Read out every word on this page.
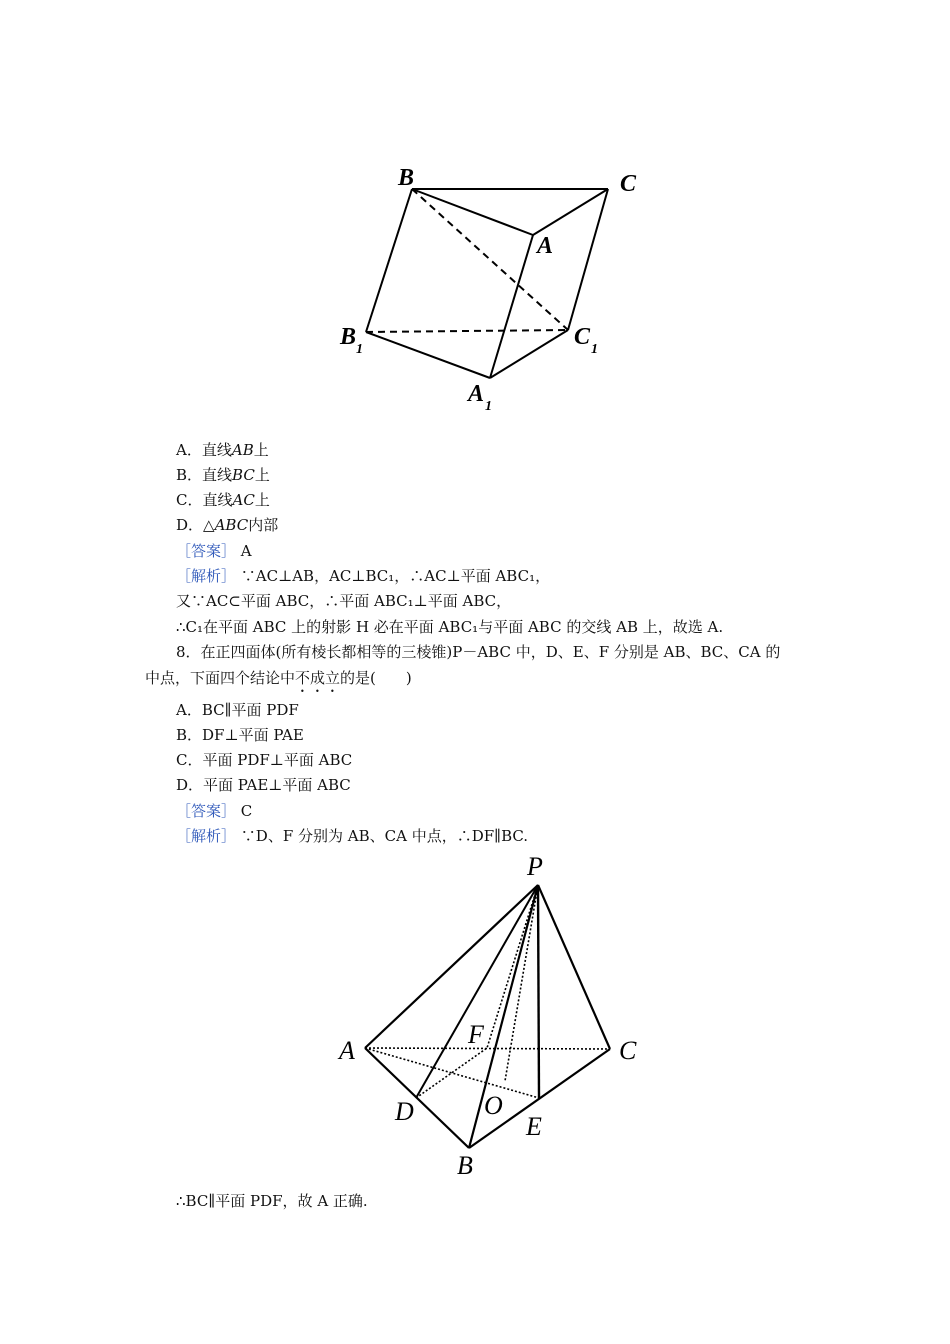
B	C
A
B 1	C 1
A 1
A．直线AB上
B．直线BC上
C．直线AC上
D．△ABC内部
［答案］ A
［解析］ ∵AC⊥AB，AC⊥BC₁，∴AC⊥平面 ABC₁，
又∵AC⊂平面 ABC，∴平面 ABC₁⊥平面 ABC，
∴C₁在平面 ABC 上的射影 H 必在平面 ABC₁与平面 ABC 的交线 AB 上，故选 A.
8．在正四面体(所有棱长都相等的三棱锥)P－ABC 中，D、E、F 分别是 AB、BC、CA 的
中点，下面四个结论中不成立的是(　　)
A．BC∥平面 PDF
B．DF⊥平面 PAE
C．平面 PDF⊥平面 ABC
D．平面 PAE⊥平面 ABC
［答案］ C
［解析］ ∵D、F 分别为 AB、CA 中点，∴DF∥BC.
P
A	C
F
D	O
E
B
∴BC∥平面 PDF，故 A 正确.
